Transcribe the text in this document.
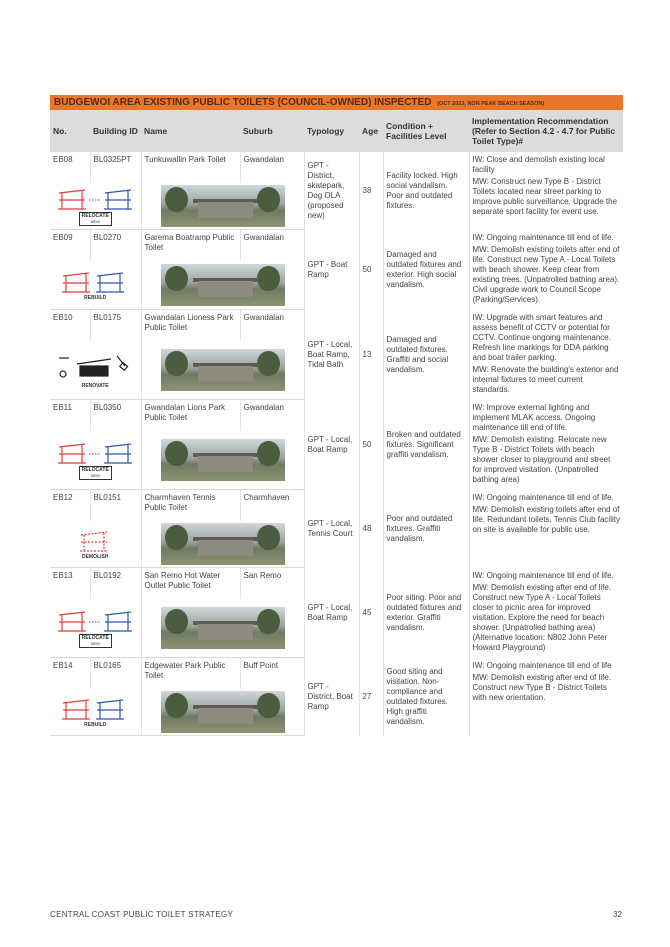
BUDGEWOI AREA EXISTING PUBLIC TOILETS (COUNCIL-OWNED) INSPECTED (OCT 2023, NON PEAK BEACH SEASON)
No.	Building ID	Name	Suburb	Typology	Age	Condition + Facilities Level	Implementation Recommendation (Refer to Section 4.2 - 4.7 for Public Toilet Type)#
EB08	BL0325PT	Tunkuwallin Park Toilet	Gwandalan	GPT - District, skatepark, Dog OLA (proposed new)	38	Facility locked. High social vandalism. Poor and outdated fixtures.	IW: Close and demolish existing local facility

MW: Construct new Type B - District Toilets located near street parking to improve public surveillance. Upgrade the separate sport facility for event use.

RELOCATE
NEW							

EB09	BL0270	Garema Boatramp Public Toilet	Gwandalan	GPT - Boat Ramp	50	Damaged and outdated fixtures and exterior. High social vandalism.	IW: Ongoing maintenance till end of life.

MW: Demolish existing toilets after end of life. Construct new Type A - Local Toilets with beach shower. Keep clear from existing trees. (Unpatrolled bathing area). Civil upgrade work to Council Scope (Parking/Services).

REBUILD							

EB10	BL0175	Gwandalan Lioness Park Public Toilet	Gwandalan	GPT - Local, Boat Ramp, Tidal Bath	13	Damaged and outdated fixtures. Graffiti and social vandalism.	IW: Upgrade with smart features and assess benefit of CCTV or potential for CCTV. Continue ongoing maintenance. Refresh line markings for DDA parking and boat trailer parking.

MW: Renovate the building's exterior and internal fixtures to meet current standards.

RENOVATE							

EB11	BL0350	Gwandalan Lions Park Public Toilet	Gwandalan	GPT - Local, Boat Ramp	50	Broken and outdated fixtures. Significant graffiti vandalism.	IW: Improve external lighting and implement MLAK access. Ongoing maintenance till end of life.

MW: Demolish existing. Relocate new Type B - District Toilets with beach shower closer to playground and street for improved visitation. (Unpatrolled bathing area)

RELOCATE
NEW							

EB12	BL0151	Charmhaven Tennis Public Toilet	Charmhaven	GPT - Local, Tennis Court	48	Poor and outdated fixtures. Graffiti vandalism.	IW: Ongoing maintenance till end of life.

MW: Demolish existing toilets after end of life. Redundant toilets, Tennis Club facility on site is available for public use.

DEMOLISH							

EB13	BL0192	San Remo Hot Water Outlet Public Toilet	San Remo	GPT - Local, Boat Ramp	45	Poor siting. Poor and outdated fixtures and exterior. Graffiti vandalism.	IW: Ongoing maintenance till end of life.

MW: Demolish existing after end of life. Construct new Type A - Local Toilets closer to picnic area for improved visitation. Explore the need for beach shower. (Unpatrolled bathing area) (Alternative location: N802 John Peter Howard Playground)

RELOCATE
NEW							

EB14	BL0165	Edgewater Park Public Toilet	Buff Point	GPT - District, Boat Ramp	27	Good siting and visitation. Non-compliance and outdated fixtures. High graffiti vandalism.	IW: Ongoing maintenance till end of life

MW: Demolish existing after end of life. Construct new Type B - District Toilets with new orientation.

REBUILD							

CENTRAL COAST PUBLIC TOILET STRATEGY	32
